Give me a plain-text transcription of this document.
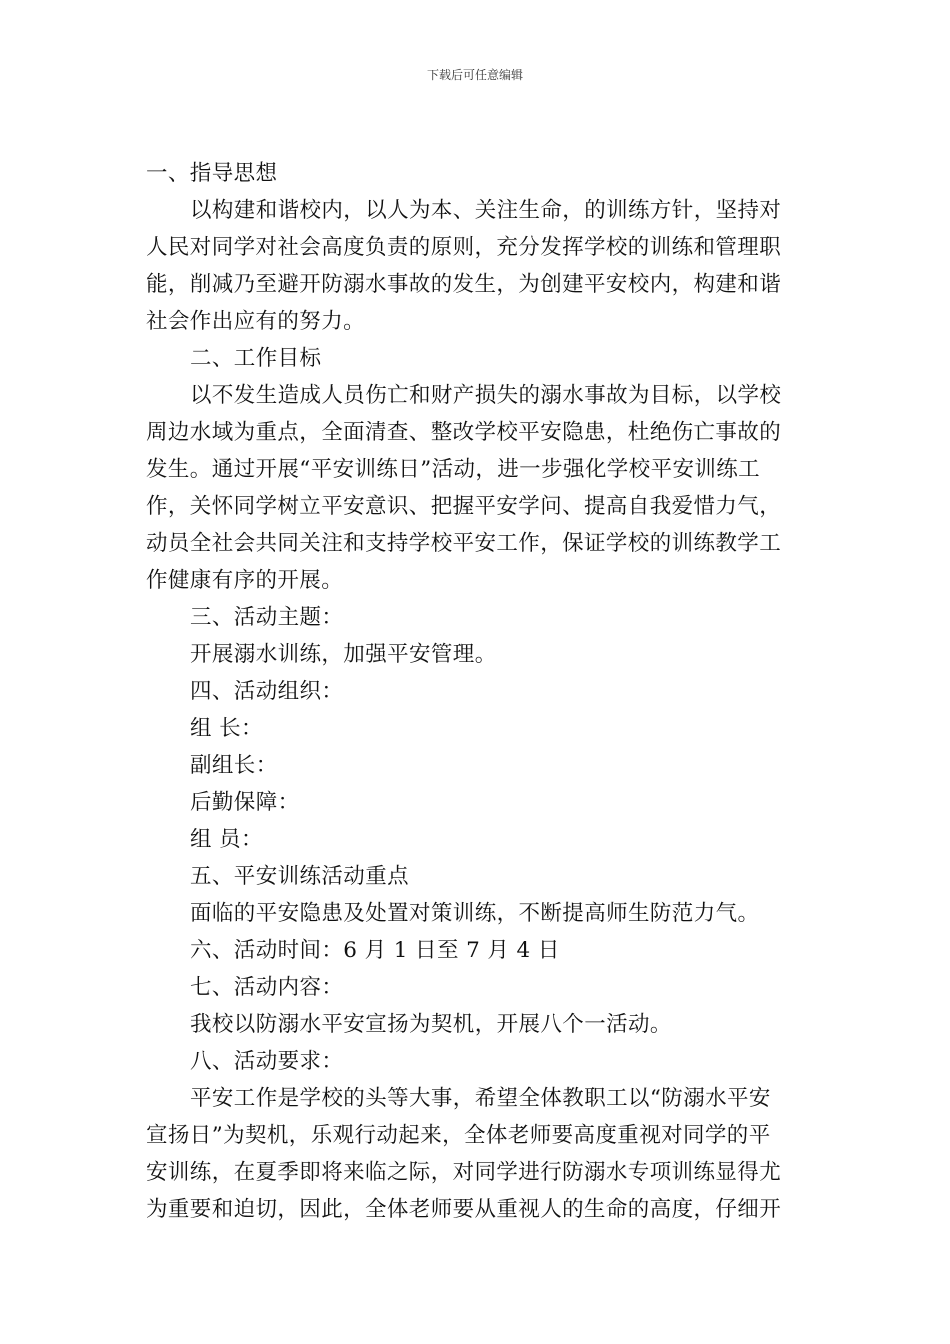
下载后可任意编辑
一、指导思想
以构建和谐校内，以人为本、关注生命，的训练方针，坚持对
人民对同学对社会高度负责的原则，充分发挥学校的训练和管理职
能，削减乃至避开防溺水事故的发生，为创建平安校内，构建和谐
社会作出应有的努力。
二、工作目标
以不发生造成人员伤亡和财产损失的溺水事故为目标，以学校
周边水域为重点，全面清查、整改学校平安隐患，杜绝伤亡事故的
发生。通过开展“平安训练日”活动，进一步强化学校平安训练工
作，关怀同学树立平安意识、把握平安学问、提高自我爱惜力气，
动员全社会共同关注和支持学校平安工作，保证学校的训练教学工
作健康有序的开展。
三、活动主题：
开展溺水训练，加强平安管理。
四、活动组织：
组 长：
副组长：
后勤保障：
组 员：
五、平安训练活动重点
面临的平安隐患及处置对策训练，不断提高师生防范力气。
六、活动时间：6 月 1 日至 7 月 4 日
七、活动内容：
我校以防溺水平安宣扬为契机，开展八个一活动。
八、活动要求：
平安工作是学校的头等大事，希望全体教职工以“防溺水平安
宣扬日”为契机，乐观行动起来，全体老师要高度重视对同学的平
安训练，在夏季即将来临之际，对同学进行防溺水专项训练显得尤
为重要和迫切，因此，全体老师要从重视人的生命的高度，仔细开
